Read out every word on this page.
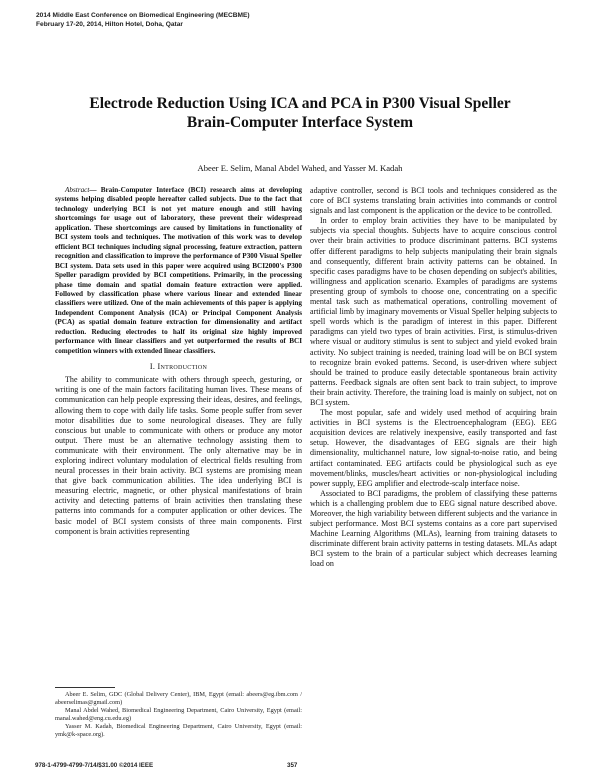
2014 Middle East Conference on Biomedical Engineering (MECBME)
February 17-20, 2014, Hilton Hotel, Doha, Qatar
Electrode Reduction Using ICA and PCA in P300 Visual Speller
Brain-Computer Interface System
Abeer E. Selim, Manal Abdel Wahed, and Yasser M. Kadah

Abstract— Brain-Computer Interface (BCI) research aims at developing systems helping disabled people hereafter called subjects. Due to the fact that technology underlying BCI is not yet mature enough and still having shortcomings for usage out of laboratory, these prevent their widespread application. These shortcomings are caused by limitations in functionality of BCI system tools and techniques. The motivation of this work was to develop efficient BCI techniques including signal processing, feature extraction, pattern recognition and classification to improve the performance of P300 Visual Speller BCI system. Data sets used in this paper were acquired using BCI2000's P300 Speller paradigm provided by BCI competitions. Primarily, in the processing phase time domain and spatial domain feature extraction were applied. Followed by classification phase where various linear and extended linear classifiers were utilized. One of the main achievements of this paper is applying Independent Component Analysis (ICA) or Principal Component Analysis (PCA) as spatial domain feature extraction for dimensionality and artifact reduction. Reducing electrodes to half its original size highly improved performance with linear classifiers and yet outperformed the results of BCI competition winners with extended linear classifiers.

I. Introduction

The ability to communicate with others through speech, gesturing, or writing is one of the main factors facilitating human lives. These means of communication can help people expressing their ideas, desires, and feelings, allowing them to cope with daily life tasks. Some people suffer from sever motor disabilities due to some neurological diseases. They are fully conscious but unable to communicate with others or produce any motor output. There must be an alternative technology assisting them to communicate with their environment. The only alternative may be in exploring indirect voluntary modulation of electrical fields resulting from neural processes in their brain activity. BCI systems are promising mean that give back communication abilities. The idea underlying BCI is measuring electric, magnetic, or other physical manifestations of brain activity and detecting patterns of brain activities then translating these patterns into commands for a computer application or other devices. The basic model of BCI system consists of three main components. First component is brain activities representing

adaptive controller, second is BCI tools and techniques considered as the core of BCI systems translating brain activities into commands or control signals and last component is the application or the device to be controlled.

In order to employ brain activities they have to be manipulated by subjects via special thoughts. Subjects have to acquire conscious control over their brain activities to produce discriminant patterns. BCI systems offer different paradigms to help subjects manipulating their brain signals and consequently, different brain activity patterns can be obtained. In specific cases paradigms have to be chosen depending on subject's abilities, willingness and application scenario. Examples of paradigms are systems presenting group of symbols to choose one, concentrating on a specific mental task such as mathematical operations, controlling movement of artificial limb by imaginary movements or Visual Speller helping subjects to spell words which is the paradigm of interest in this paper. Different paradigms can yield two types of brain activities. First, is stimulus-driven where visual or auditory stimulus is sent to subject and yield evoked brain activity. No subject training is needed, training load will be on BCI system to recognize brain evoked patterns. Second, is user-driven where subject should be trained to produce easily detectable spontaneous brain activity patterns. Feedback signals are often sent back to train subject, to improve their brain activity. Therefore, the training load is mainly on subject, not on BCI system.

The most popular, safe and widely used method of acquiring brain activities in BCI systems is the Electroencephalogram (EEG). EEG acquisition devices are relatively inexpensive, easily transported and fast setup. However, the disadvantages of EEG signals are their high dimensionality, multichannel nature, low signal-to-noise ratio, and being artifact contaminated. EEG artifacts could be physiological such as eye movement/blinks, muscles/heart activities or non-physiological including power supply, EEG amplifier and electrode-scalp interface noise.

Associated to BCI paradigms, the problem of classifying these patterns which is a challenging problem due to EEG signal nature described above. Moreover, the high variability between different subjects and the variance in subject performance. Most BCI systems contains as a core part supervised Machine Learning Algorithms (MLAs), learning from training datasets to discriminate different brain activity patterns in testing datasets. MLAs adapt BCI system to the brain of a particular subject which decreases learning load on

Abeer E. Selim, GDC (Global Delivery Center), IBM, Egypt (email: abeers@eg.ibm.com / abeerselimas@gmail.com)
Manal Abdel Wahed, Biomedical Engineering Department, Cairo University, Egypt (email: manal.wahed@eng.cu.edu.eg)
Yasser M. Kadah, Biomedical Engineering Department, Cairo University, Egypt (email: ymk@k-space.org).
978-1-4799-4799-7/14/$31.00 ©2014 IEEE	357
